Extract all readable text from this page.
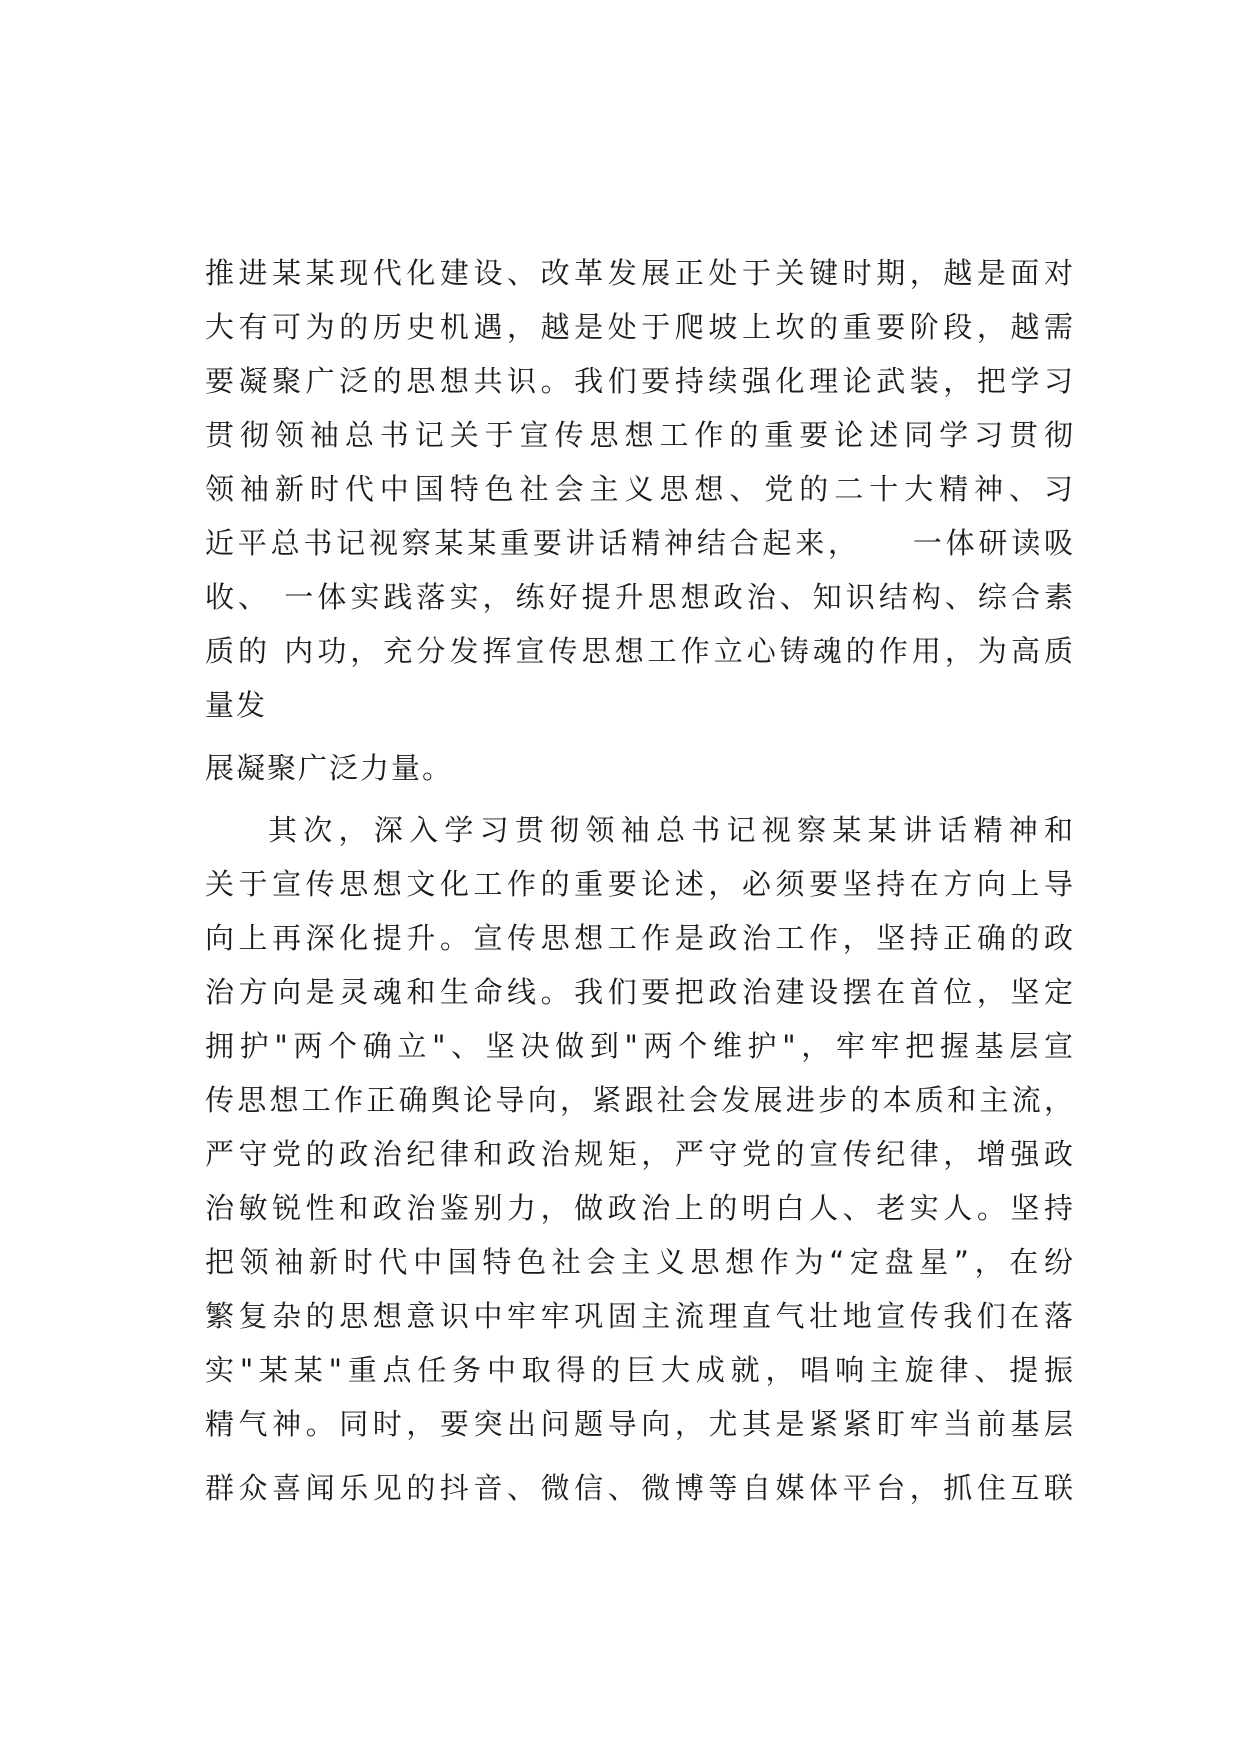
推进某某现代化建设、改革发展正处于关键时期，越是面对
大有可为的历史机遇，越是处于爬坡上坎的重要阶段，越需
要凝聚广泛的思想共识。我们要持续强化理论武装，把学习
贯彻领袖总书记关于宣传思想工作的重要论述同学习贯彻
领袖新时代中国特色社会主义思想、党的二十大精神、习
近平总书记视察某某重要讲话精神结合起来，    一体研读吸
收、 一体实践落实，练好提升思想政治、知识结构、综合素
质的 内功，充分发挥宣传思想工作立心铸魂的作用，为高质
量发
展凝聚广泛力量。
其次，深入学习贯彻领袖总书记视察某某讲话精神和
关于宣传思想文化工作的重要论述，必须要坚持在方向上导
向上再深化提升。宣传思想工作是政治工作，坚持正确的政
治方向是灵魂和生命线。我们要把政治建设摆在首位，坚定
拥护"两个确立"、坚决做到"两个维护"，牢牢把握基层宣
传思想工作正确舆论导向，紧跟社会发展进步的本质和主流，
严守党的政治纪律和政治规矩，严守党的宣传纪律，增强政
治敏锐性和政治鉴别力，做政治上的明白人、老实人。坚持
把领袖新时代中国特色社会主义思想作为“定盘星”，在纷
繁复杂的思想意识中牢牢巩固主流理直气壮地宣传我们在落
实"某某"重点任务中取得的巨大成就，唱响主旋律、提振
精气神。同时，要突出问题导向，尤其是紧紧盯牢当前基层
群众喜闻乐见的抖音、微信、微博等自媒体平台，抓住互联
